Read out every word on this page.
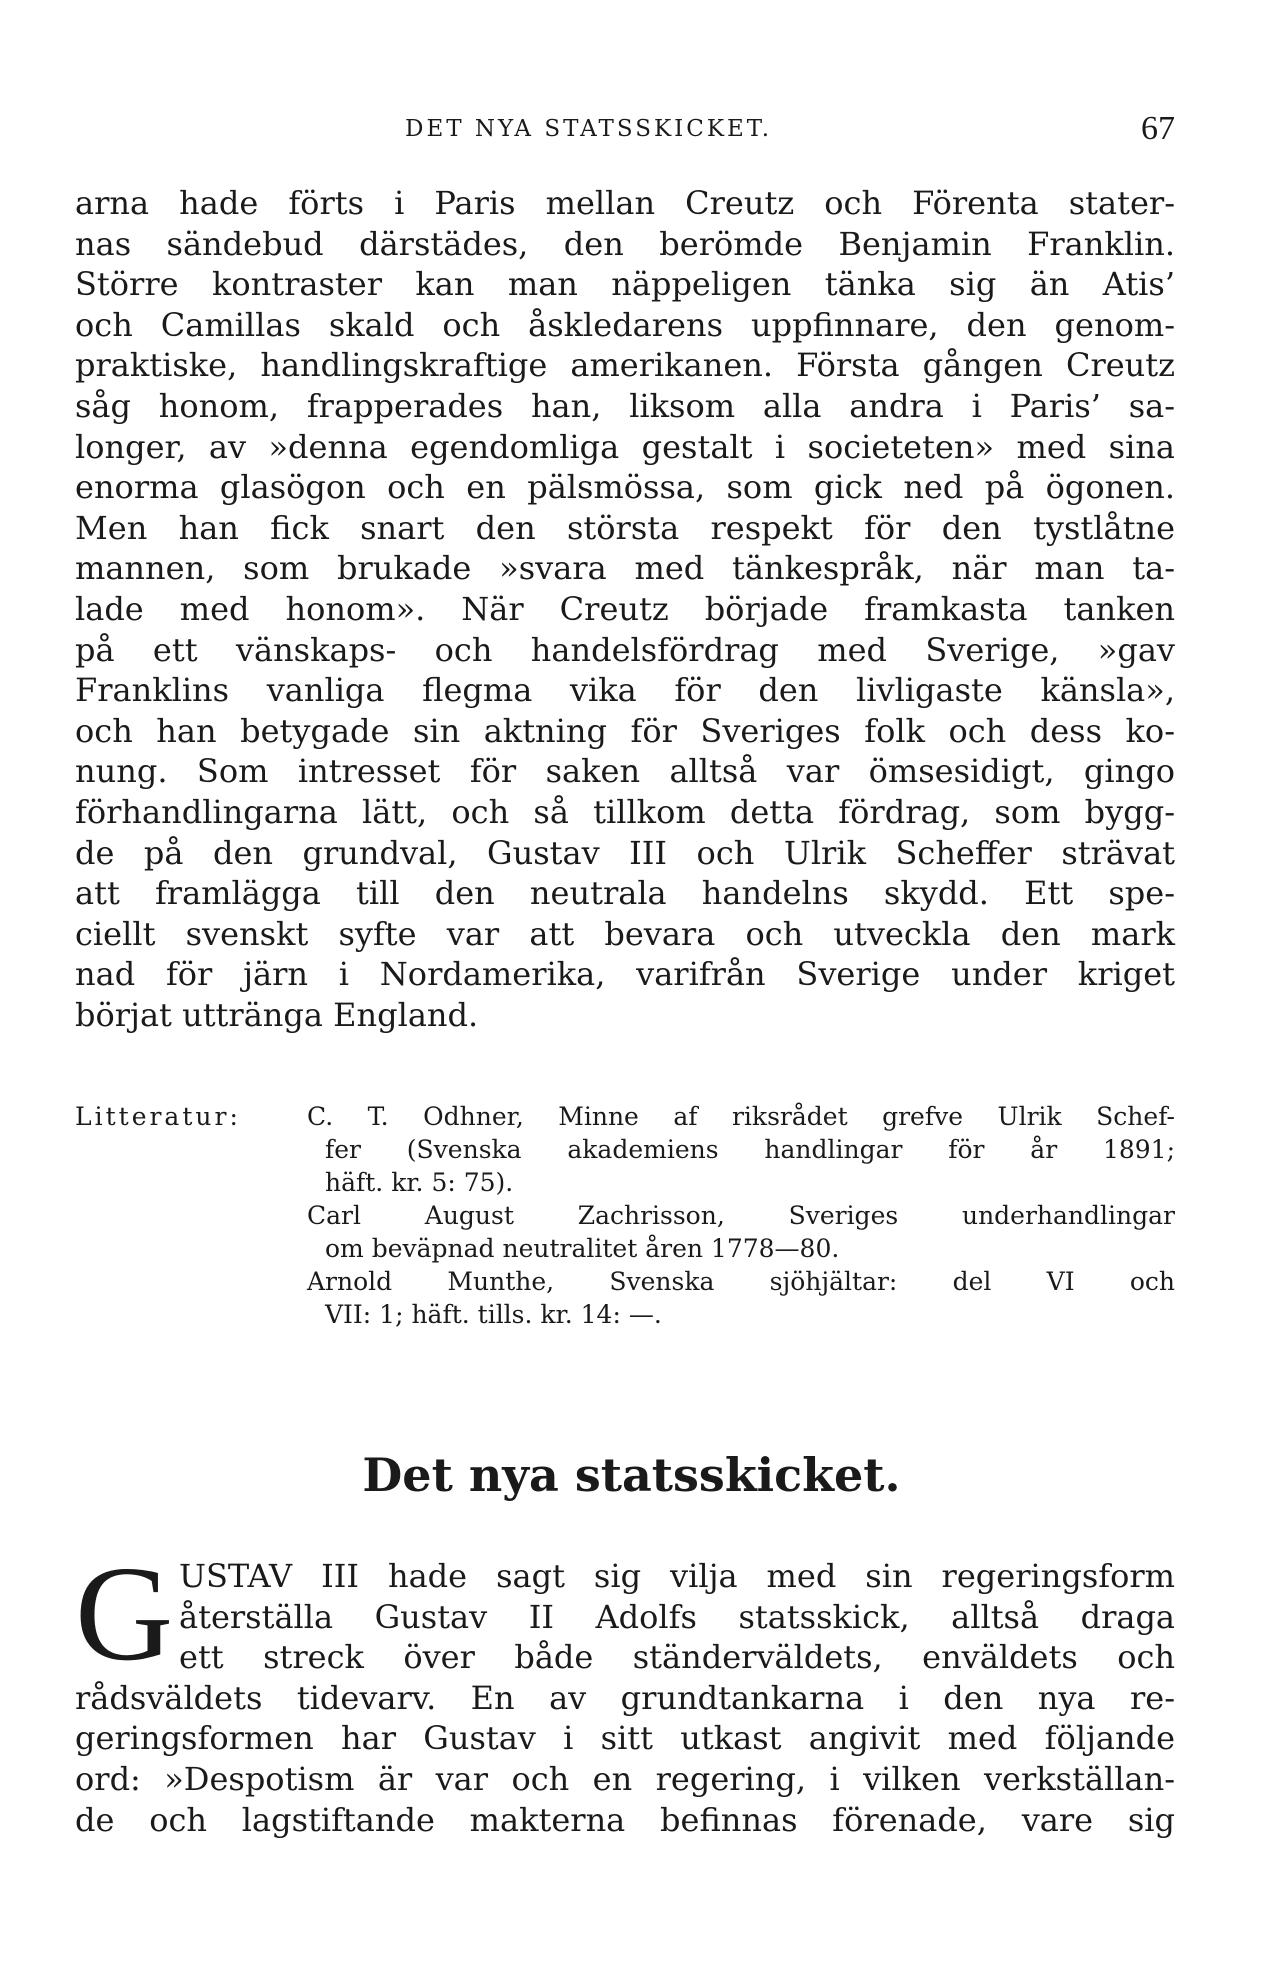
DET NYA STATSSKICKET.	67
arna hade förts i Paris mellan Creutz och Förenta stater-
nas sändebud därstädes, den berömde Benjamin Franklin.
Större kontraster kan man näppeligen tänka sig än Atis’
och Camillas skald och åskledarens uppfinnare, den genom-
praktiske, handlingskraftige amerikanen. Första gången Creutz
såg honom, frapperades han, liksom alla andra i Paris’ sa-
longer, av »denna egendomliga gestalt i societeten» med sina
enorma glasögon och en pälsmössa, som gick ned på ögonen.
Men han fick snart den största respekt för den tystlåtne
mannen, som brukade »svara med tänkespråk, när man ta-
lade med honom». När Creutz började framkasta tanken
på ett vänskaps- och handelsfördrag med Sverige, »gav
Franklins vanliga flegma vika för den livligaste känsla»,
och han betygade sin aktning för Sveriges folk och dess ko-
nung. Som intresset för saken alltså var ömsesidigt, gingo
förhandlingarna lätt, och så tillkom detta fördrag, som bygg-
de på den grundval, Gustav III och Ulrik Scheffer strävat
att framlägga till den neutrala handelns skydd. Ett spe-
ciellt svenskt syfte var att bevara och utveckla den mark
nad för järn i Nordamerika, varifrån Sverige under kriget
börjat uttränga England.
Litteratur:	C. T. Odhner, Minne af riksrådet grefve Ulrik Schef-
fer (Svenska akademiens handlingar för år 1891;
häft. kr. 5: 75).
Carl August Zachrisson, Sveriges underhandlingar
om beväpnad neutralitet åren 1778—80.
Arnold Munthe, Svenska sjöhjältar: del VI och
VII: 1; häft. tills. kr. 14: —.
Det nya statsskicket.
G USTAV III hade sagt sig vilja med sin regeringsform
återställa Gustav II Adolfs statsskick, alltså draga
ett streck över både ständerväldets, enväldets och
rådsväldets tidevarv. En av grundtankarna i den nya re-
geringsformen har Gustav i sitt utkast angivit med följande
ord: »Despotism är var och en regering, i vilken verkställan-
de och lagstiftande makterna befinnas förenade, vare sig
